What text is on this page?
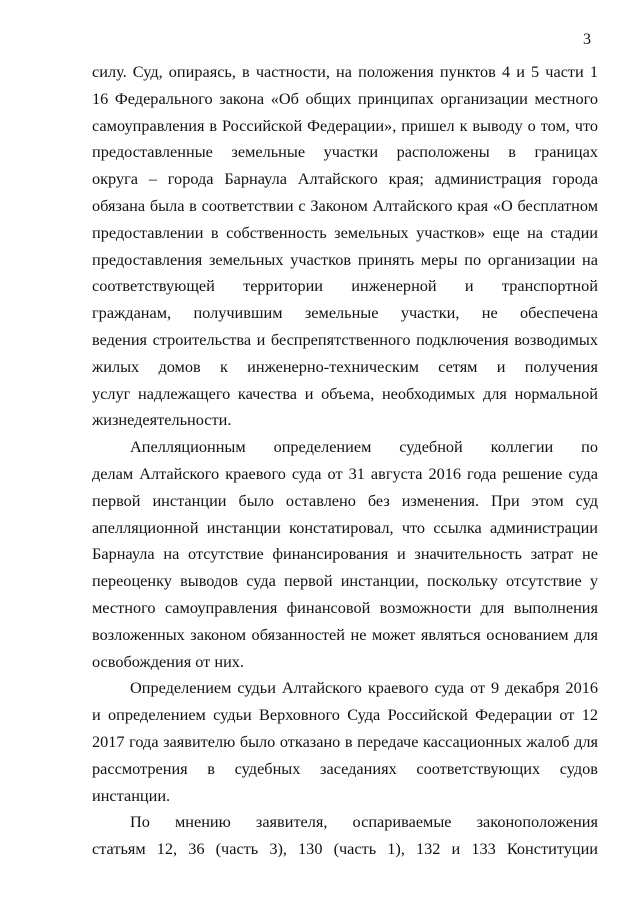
3
силу. Суд, опираясь, в частности, на положения пунктов 4 и 5 части 1
16 Федерального закона «Об общих принципах организации местного
самоуправления в Российской Федерации», пришел к выводу о том, что
предоставленные земельные участки расположены в границах
округа – города Барнаула Алтайского края; администрация города
обязана была в соответствии с Законом Алтайского края «О бесплатном
предоставлении в собственность земельных участков» еще на стадии
предоставления земельных участков принять меры по организации на
соответствующей территории инженерной и транспортной
гражданам, получившим земельные участки, не обеспечена
ведения строительства и беспрепятственного подключения возводимых
жилых домов к инженерно-техническим сетям и получения
услуг надлежащего качества и объема, необходимых для нормальной
жизнедеятельности.
Апелляционным определением судебной коллегии по
делам Алтайского краевого суда от 31 августа 2016 года решение суда
первой инстанции было оставлено без изменения. При этом суд
апелляционной инстанции констатировал, что ссылка администрации
Барнаула на отсутствие финансирования и значительность затрат не
переоценку выводов суда первой инстанции, поскольку отсутствие у
местного самоуправления финансовой возможности для выполнения
возложенных законом обязанностей не может являться основанием для
освобождения от них.
Определением судьи Алтайского краевого суда от 9 декабря 2016
и определением судьи Верховного Суда Российской Федерации от 12
2017 года заявителю было отказано в передаче кассационных жалоб для
рассмотрения в судебных заседаниях соответствующих судов
инстанции.
По мнению заявителя, оспариваемые законоположения
статьям 12, 36 (часть 3), 130 (часть 1), 132 и 133 Конституции
